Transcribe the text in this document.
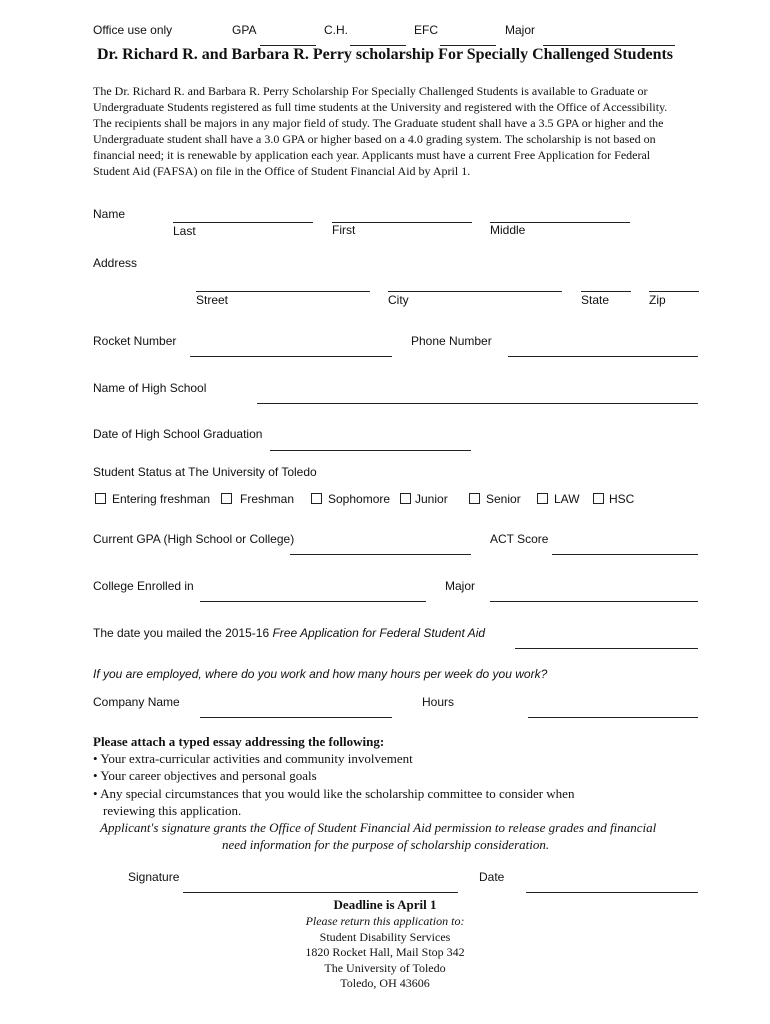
Office use only	GPA	C.H.	EFC	Major
Dr. Richard R. and Barbara R. Perry scholarship For Specially Challenged Students
The Dr. Richard R. and Barbara R. Perry Scholarship For Specially Challenged Students is available to Graduate or
Undergraduate Students registered as full time students at the University and registered with the Office of Accessibility.
The recipients shall be majors in any major field of study. The Graduate student shall have a 3.5 GPA or higher and the
Undergraduate student shall have a 3.0 GPA or higher based on a 4.0 grading system. The scholarship is not based on
financial need; it is renewable by application each year. Applicants must have a current Free Application for Federal
Student Aid (FAFSA) on file in the Office of Student Financial Aid by April 1.
Name
Last	First	Middle
Address
Street	City	State	Zip
Rocket Number	Phone Number
Name of High School
Date of High School Graduation
Student Status at The University of Toledo
Entering freshman Freshman	Sophomore Junior	Senior	LAW HSC
Current GPA (High School or College)	ACT Score
College Enrolled in	Major
The date you mailed the 2015-16 Free Application for Federal Student Aid
If you are employed, where do you work and how many hours per week do you work?
Company Name	Hours
Please attach a typed essay addressing the following:
• Your extra-curricular activities and community involvement
• Your career objectives and personal goals
• Any special circumstances that you would like the scholarship committee to consider when
reviewing this application.
Applicant's signature grants the Office of Student Financial Aid permission to release grades and financial
need information for the purpose of scholarship consideration.
Signature	Date
Deadline is April 1
Please return this application to:
Student Disability Services
1820 Rocket Hall, Mail Stop 342
The University of Toledo
Toledo, OH 43606
